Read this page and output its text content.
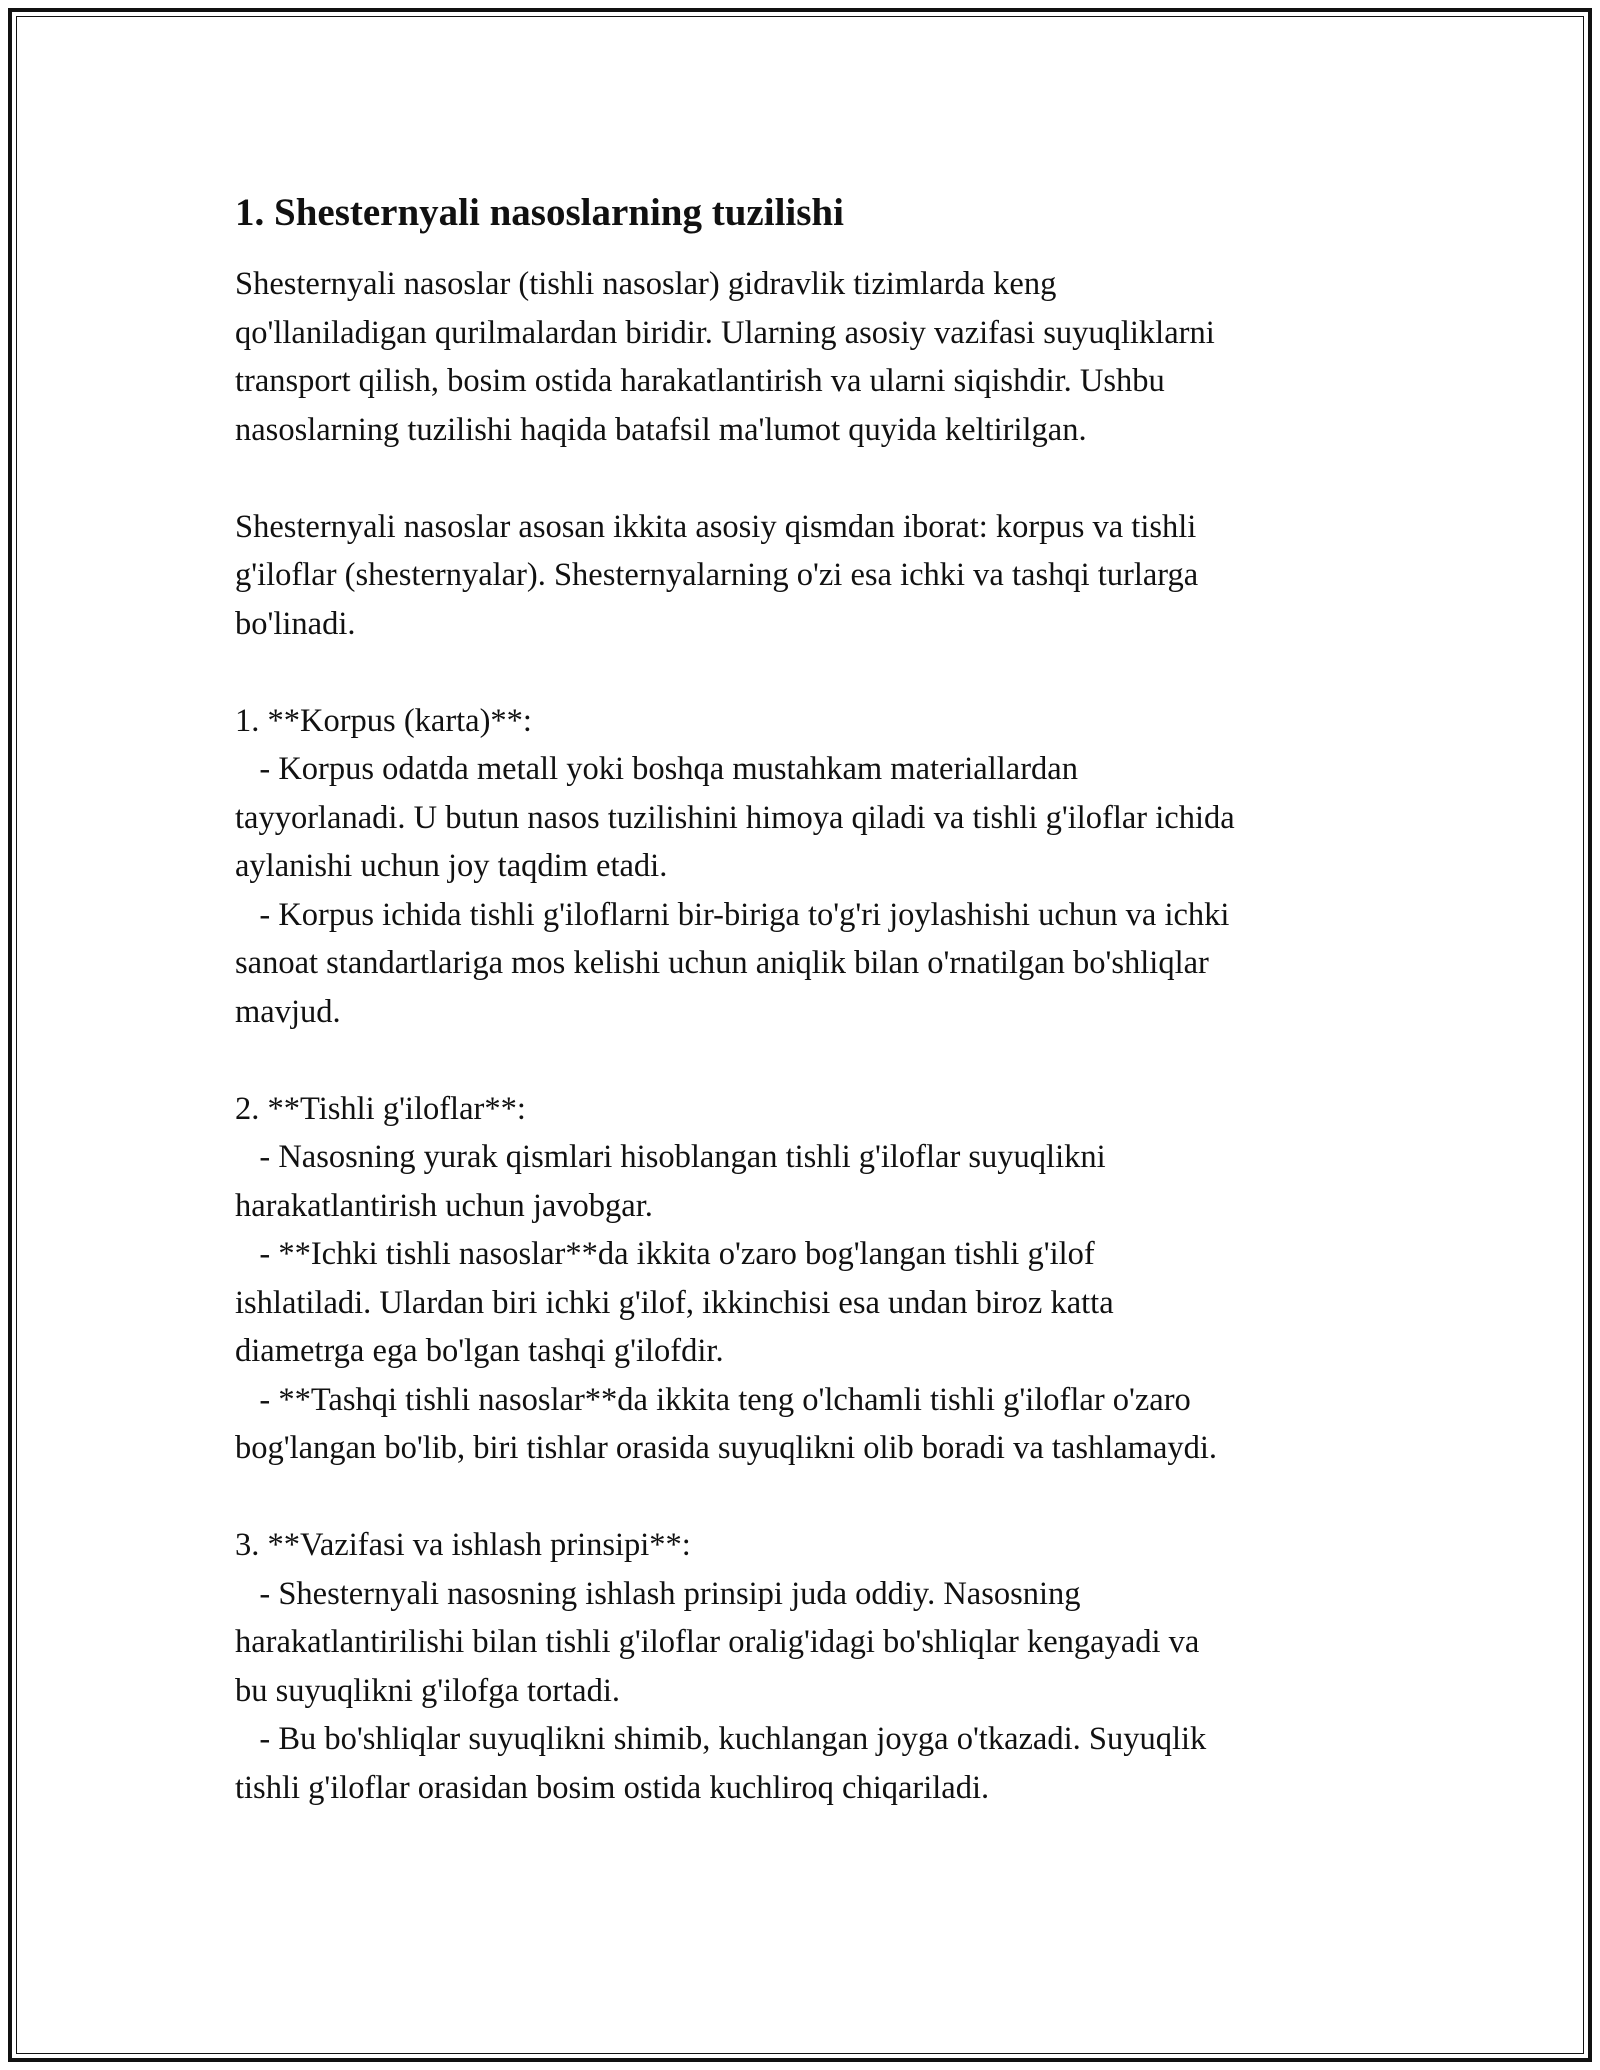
1. Shesternyali nasoslarning tuzilishi
Shesternyali nasoslar (tishli nasoslar) gidravlik tizimlarda keng
qo'llaniladigan qurilmalardan biridir. Ularning asosiy vazifasi suyuqliklarni
transport qilish, bosim ostida harakatlantirish va ularni siqishdir. Ushbu
nasoslarning tuzilishi haqida batafsil ma'lumot quyida keltirilgan.
Shesternyali nasoslar asosan ikkita asosiy qismdan iborat: korpus va tishli
g'iloflar (shesternyalar). Shesternyalarning o'zi esa ichki va tashqi turlarga
bo'linadi.
1. **Korpus (karta)**:
- Korpus odatda metall yoki boshqa mustahkam materiallardan
tayyorlanadi. U butun nasos tuzilishini himoya qiladi va tishli g'iloflar ichida
aylanishi uchun joy taqdim etadi.
- Korpus ichida tishli g'iloflarni bir-biriga to'g'ri joylashishi uchun va ichki
sanoat standartlariga mos kelishi uchun aniqlik bilan o'rnatilgan bo'shliqlar
mavjud.
2. **Tishli g'iloflar**:
- Nasosning yurak qismlari hisoblangan tishli g'iloflar suyuqlikni
harakatlantirish uchun javobgar.
- **Ichki tishli nasoslar**da ikkita o'zaro bog'langan tishli g'ilof
ishlatiladi. Ulardan biri ichki g'ilof, ikkinchisi esa undan biroz katta
diametrga ega bo'lgan tashqi g'ilofdir.
- **Tashqi tishli nasoslar**da ikkita teng o'lchamli tishli g'iloflar o'zaro
bog'langan bo'lib, biri tishlar orasida suyuqlikni olib boradi va tashlamaydi.
3. **Vazifasi va ishlash prinsipi**:
- Shesternyali nasosning ishlash prinsipi juda oddiy. Nasosning
harakatlantirilishi bilan tishli g'iloflar oralig'idagi bo'shliqlar kengayadi va
bu suyuqlikni g'ilofga tortadi.
- Bu bo'shliqlar suyuqlikni shimib, kuchlangan joyga o'tkazadi. Suyuqlik
tishli g'iloflar orasidan bosim ostida kuchliroq chiqariladi.
